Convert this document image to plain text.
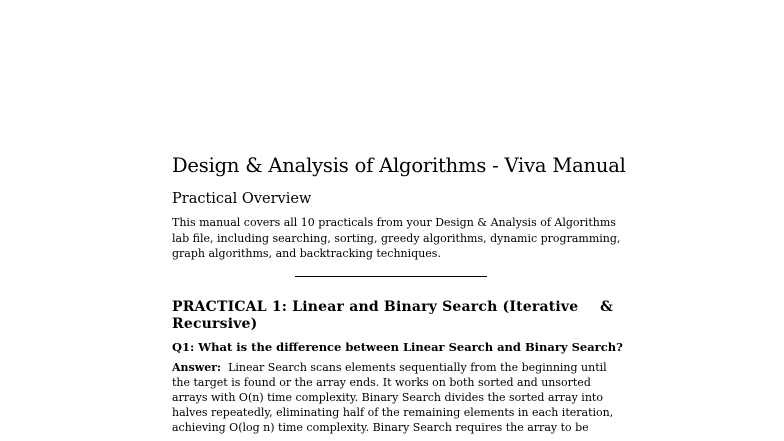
Design & Analysis of Algorithms - Viva Manual
Practical Overview
This manual covers all 10 practicals from your Design & Analysis of Algorithms
lab file, including searching, sorting, greedy algorithms, dynamic programming,
graph algorithms, and backtracking techniques.
PRACTICAL 1: Linear and Binary Search (Iterative &
Recursive)
Q1: What is the difference between Linear Search and Binary Search?
Answer: Linear Search scans elements sequentially from the beginning until
the target is found or the array ends. It works on both sorted and unsorted
arrays with O(n) time complexity. Binary Search divides the sorted array into
halves repeatedly, eliminating half of the remaining elements in each iteration,
achieving O(log n) time complexity. Binary Search requires the array to be
